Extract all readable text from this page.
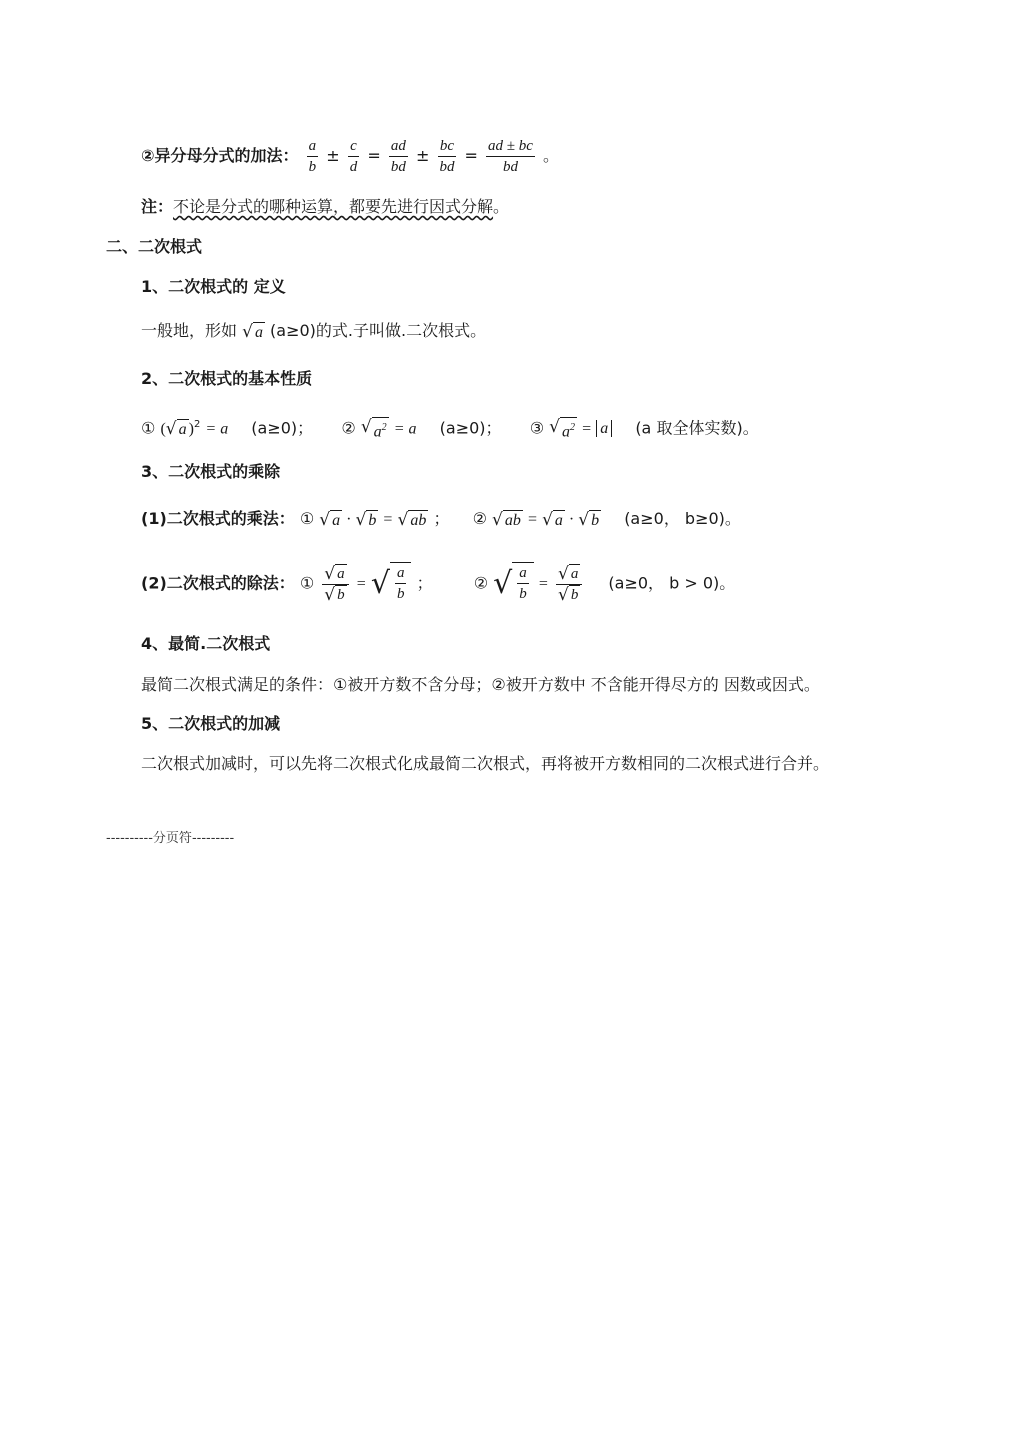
②异分母分式的加法： $\frac{a}{b} \pm \frac{c}{d} = \frac{ad}{bd} \pm \frac{bc}{bd} = \frac{ad \pm bc}{bd}$ 。
注：不论是分式的哪种运算，都要先进行因式分解。
二、二次根式
1、二次根式的 定义
一般地，形如 √ a (a≥0)的式.子叫做.二次根式。
2、二次根式的基本性质
① ( √ a )$^2$ = a (a≥0)； ② √ $a^2 = a$ (a≥0)； ③ √ $a^2 = a$ (a 取全体实数)。
3、二次根式的乘除
(1)二次根式的乘法： ① √ a · √ b = √ ab ； ② √ ab = √ a · √ b (a≥0， b≥0)。
(2)二次根式的除法： ① $\frac{√ a}{√ b}$ = √ $\frac{a}{b}$ ；	② √ $\frac{a}{b} = \frac{√ a}{√ b} (a\ge 0$， b > 0)。
4、最简.二次根式
最简二次根式满足的条件：①被开方数不含分母；②被开方数中 不含能开得尽方的 因数或因式。
5、二次根式的加减
二次根式加减时，可以先将二次根式化成最简二次根式，再将被开方数相同的二次根式进行合并。
----------分页符---------
